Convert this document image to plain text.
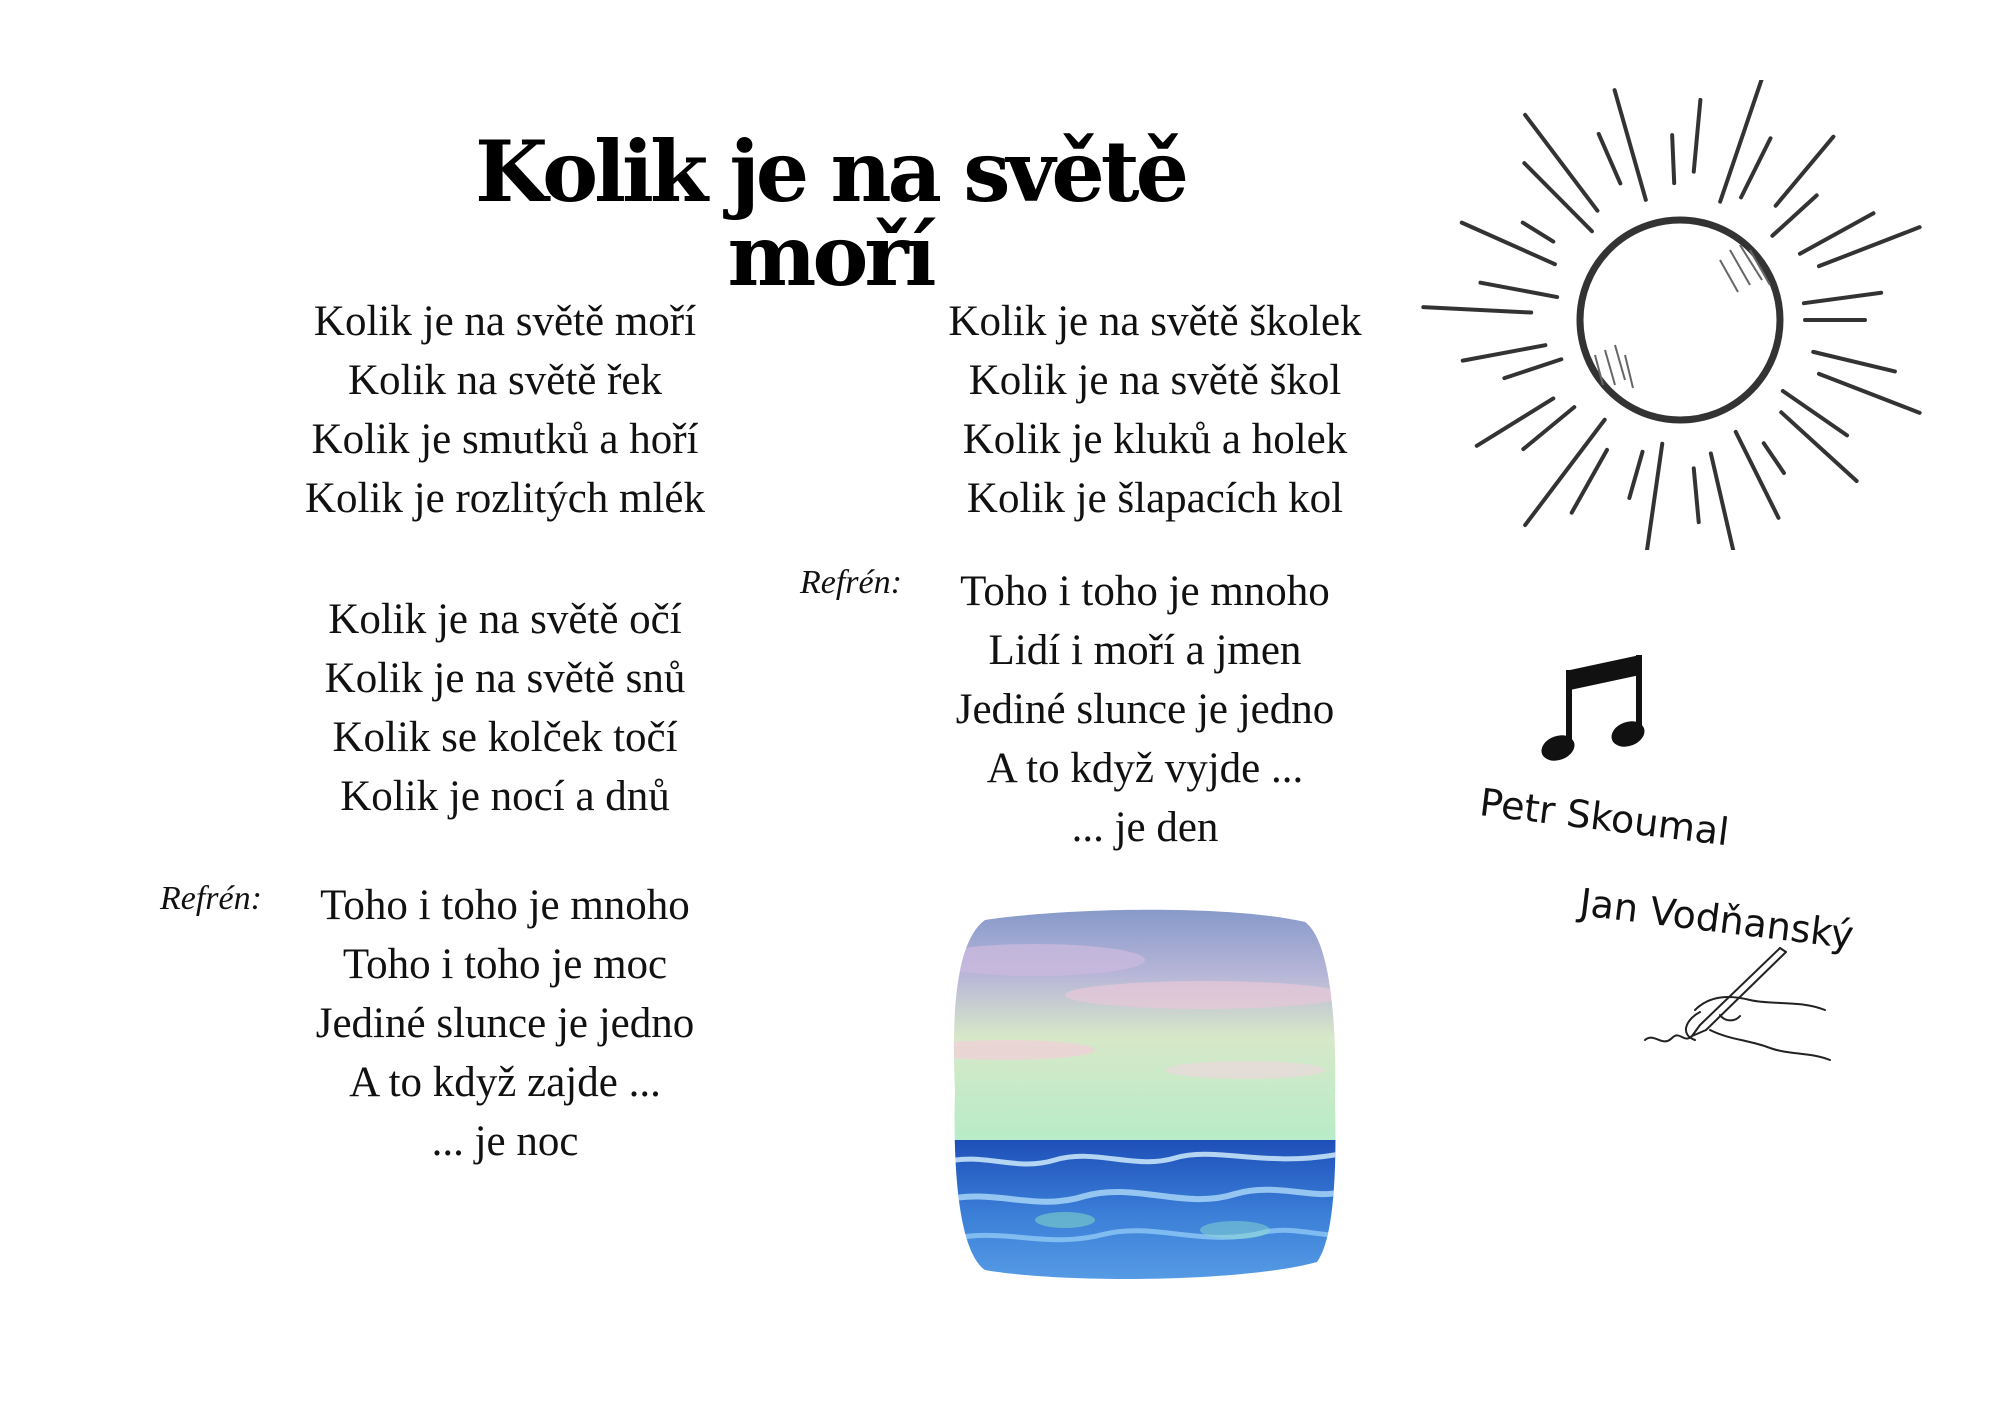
Kolik je na světě moří
Kolik je na světě moří
Kolik na světě řek
Kolik je smutků a hoří
Kolik je rozlitých mlék
Kolik je na světě očí
Kolik je na světě snů
Kolik se kolček točí
Kolik je nocí a dnů
Refrén:	Toho i toho je mnoho
Toho i toho je moc
Jediné slunce je jedno
A to když zajde ...
... je noc
Kolik je na světě školek
Kolik je na světě škol
Kolik je kluků a holek
Kolik je šlapacích kol
Refrén:	Toho i toho je mnoho
Lidí i moří a jmen
Jediné slunce je jedno
A to když vyjde ...
... je den	Petr Skoumal
Jan Vodňanský
